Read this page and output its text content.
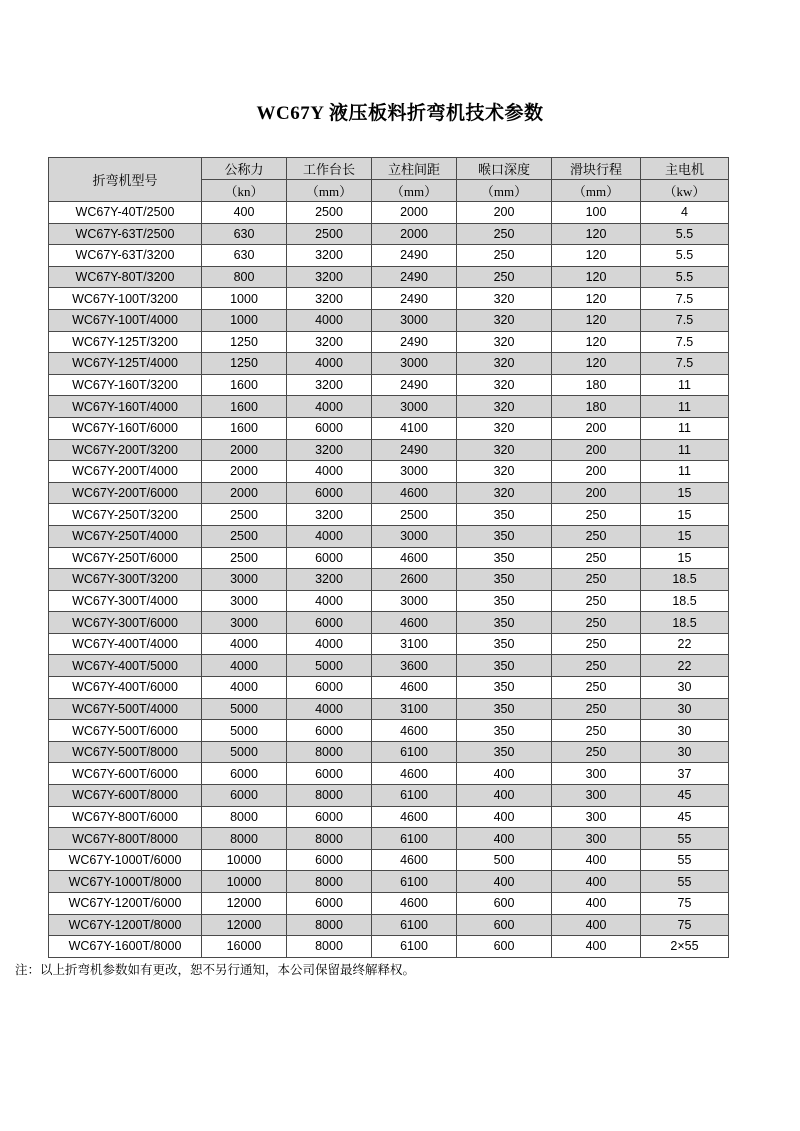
WC67Y 液压板料折弯机技术参数
折弯机型号	公称力	工作台长	立柱间距	喉口深度	滑块行程	主电机
	（kn）	（mm）	（mm）	（mm）	（mm）	（kw）
WC67Y-40T/2500	400	2500	2000	200	100	4
WC67Y-63T/2500	630	2500	2000	250	120	5.5
WC67Y-63T/3200	630	3200	2490	250	120	5.5
WC67Y-80T/3200	800	3200	2490	250	120	5.5
WC67Y-100T/3200	1000	3200	2490	320	120	7.5
WC67Y-100T/4000	1000	4000	3000	320	120	7.5
WC67Y-125T/3200	1250	3200	2490	320	120	7.5
WC67Y-125T/4000	1250	4000	3000	320	120	7.5
WC67Y-160T/3200	1600	3200	2490	320	180	11
WC67Y-160T/4000	1600	4000	3000	320	180	11
WC67Y-160T/6000	1600	6000	4100	320	200	11
WC67Y-200T/3200	2000	3200	2490	320	200	11
WC67Y-200T/4000	2000	4000	3000	320	200	11
WC67Y-200T/6000	2000	6000	4600	320	200	15
WC67Y-250T/3200	2500	3200	2500	350	250	15
WC67Y-250T/4000	2500	4000	3000	350	250	15
WC67Y-250T/6000	2500	6000	4600	350	250	15
WC67Y-300T/3200	3000	3200	2600	350	250	18.5
WC67Y-300T/4000	3000	4000	3000	350	250	18.5
WC67Y-300T/6000	3000	6000	4600	350	250	18.5
WC67Y-400T/4000	4000	4000	3100	350	250	22
WC67Y-400T/5000	4000	5000	3600	350	250	22
WC67Y-400T/6000	4000	6000	4600	350	250	30
WC67Y-500T/4000	5000	4000	3100	350	250	30
WC67Y-500T/6000	5000	6000	4600	350	250	30
WC67Y-500T/8000	5000	8000	6100	350	250	30
WC67Y-600T/6000	6000	6000	4600	400	300	37
WC67Y-600T/8000	6000	8000	6100	400	300	45
WC67Y-800T/6000	8000	6000	4600	400	300	45
WC67Y-800T/8000	8000	8000	6100	400	300	55
WC67Y-1000T/6000	10000	6000	4600	500	400	55
WC67Y-1000T/8000	10000	8000	6100	400	400	55
WC67Y-1200T/6000	12000	6000	4600	600	400	75
WC67Y-1200T/8000	12000	8000	6100	600	400	75
WC67Y-1600T/8000	16000	8000	6100	600	400	2×55
注：以上折弯机参数如有更改，恕不另行通知，本公司保留最终解释权。
